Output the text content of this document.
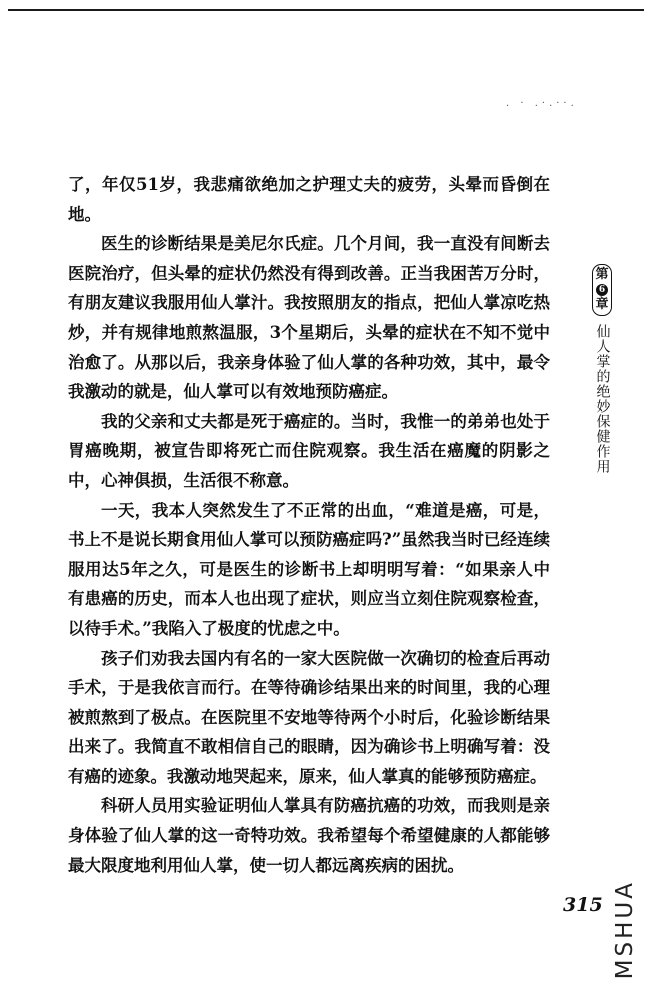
. · .·.··.

了，年仅51岁，我悲痛欲绝加之护理丈夫的疲劳，头晕而昏倒在地。

医生的诊断结果是美尼尔氏症。几个月间，我一直没有间断去医院治疗，但头晕的症状仍然没有得到改善。正当我困苦万分时，有朋友建议我服用仙人掌汁。我按照朋友的指点，把仙人掌凉吃热炒，并有规律地煎熬温服，3个星期后，头晕的症状在不知不觉中治愈了。从那以后，我亲身体验了仙人掌的各种功效，其中，最令我激动的就是，仙人掌可以有效地预防癌症。

我的父亲和丈夫都是死于癌症的。当时，我惟一的弟弟也处于胃癌晚期，被宣告即将死亡而住院观察。我生活在癌魔的阴影之中，心神俱损，生活很不称意。

一天，我本人突然发生了不正常的出血，“难道是癌，可是，书上不是说长期食用仙人掌可以预防癌症吗?”虽然我当时已经连续服用达5年之久，可是医生的诊断书上却明明写着：“如果亲人中有患癌的历史，而本人也出现了症状，则应当立刻住院观察检查，以待手术。”我陷入了极度的忧虑之中。

孩子们劝我去国内有名的一家大医院做一次确切的检查后再动手术，于是我依言而行。在等待确诊结果出来的时间里，我的心理被煎熬到了极点。在医院里不安地等待两个小时后，化验诊断结果出来了。我简直不敢相信自己的眼睛，因为确诊书上明确写着：没有癌的迹象。我激动地哭起来，原来，仙人掌真的能够预防癌症。

科研人员用实验证明仙人掌具有防癌抗癌的功效，而我则是亲身体验了仙人掌的这一奇特功效。我希望每个希望健康的人都能够最大限度地利用仙人掌，使一切人都远离疾病的困扰。

第
6
章
仙人掌的绝妙保健作用
315 MSHUA
